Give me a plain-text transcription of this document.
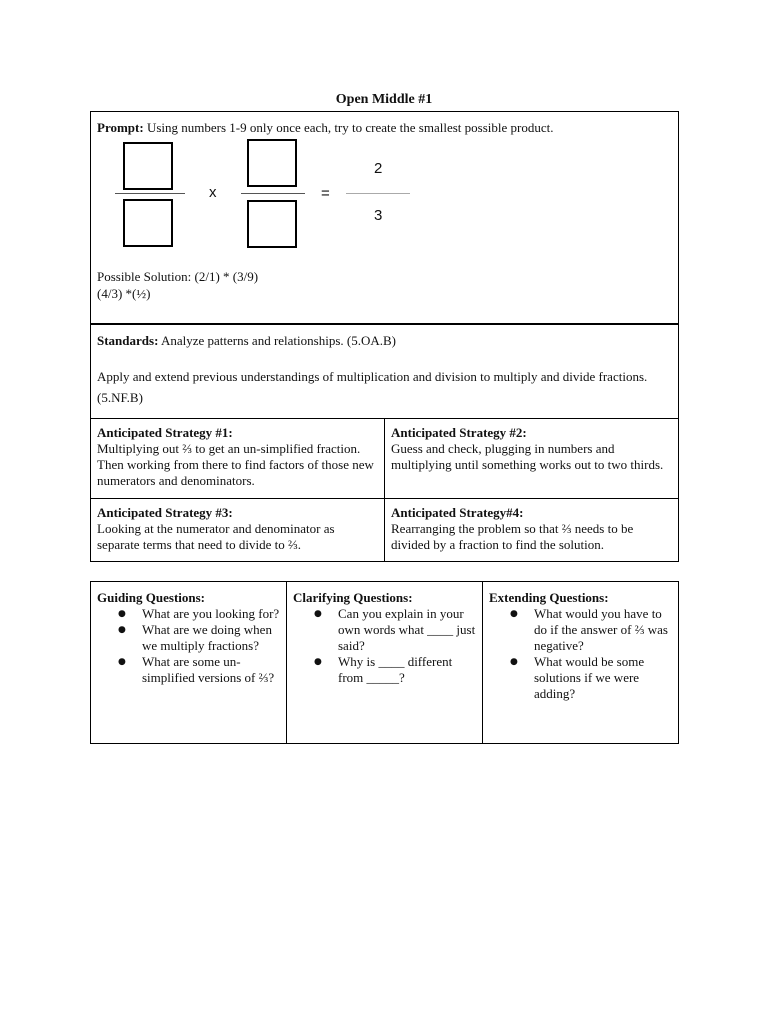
Open Middle #1
Prompt: Using numbers 1-9 only once each, try to create the smallest possible product.
x	=
2
3
Possible Solution: (2/1) * (3/9)
(4/3) *(½)
Standards: Analyze patterns and relationships. (5.OA.B)
Apply and extend previous understandings of multiplication and division to multiply and divide fractions. (5.NF.B)
Anticipated Strategy #1:
Multiplying out ⅔ to get an un-simplified fraction. Then working from there to find factors of those new numerators and denominators.
Anticipated Strategy #2:
Guess and check, plugging in numbers and multiplying until something works out to two thirds.
Anticipated Strategy #3:
Looking at the numerator and denominator as separate terms that need to divide to ⅔.
Anticipated Strategy#4:
Rearranging the problem so that ⅔ needs to be divided by a fraction to find the solution.
Guiding Questions:
● What are you looking for?
● What are we doing when we multiply fractions?
● What are some un-simplified versions of ⅔?
Clarifying Questions:
● Can you explain in your own words what ____ just said?
● Why is ____ different from _____?
Extending Questions:
● What would you have to do if the answer of ⅔ was negative?
● What would be some solutions if we were adding?
